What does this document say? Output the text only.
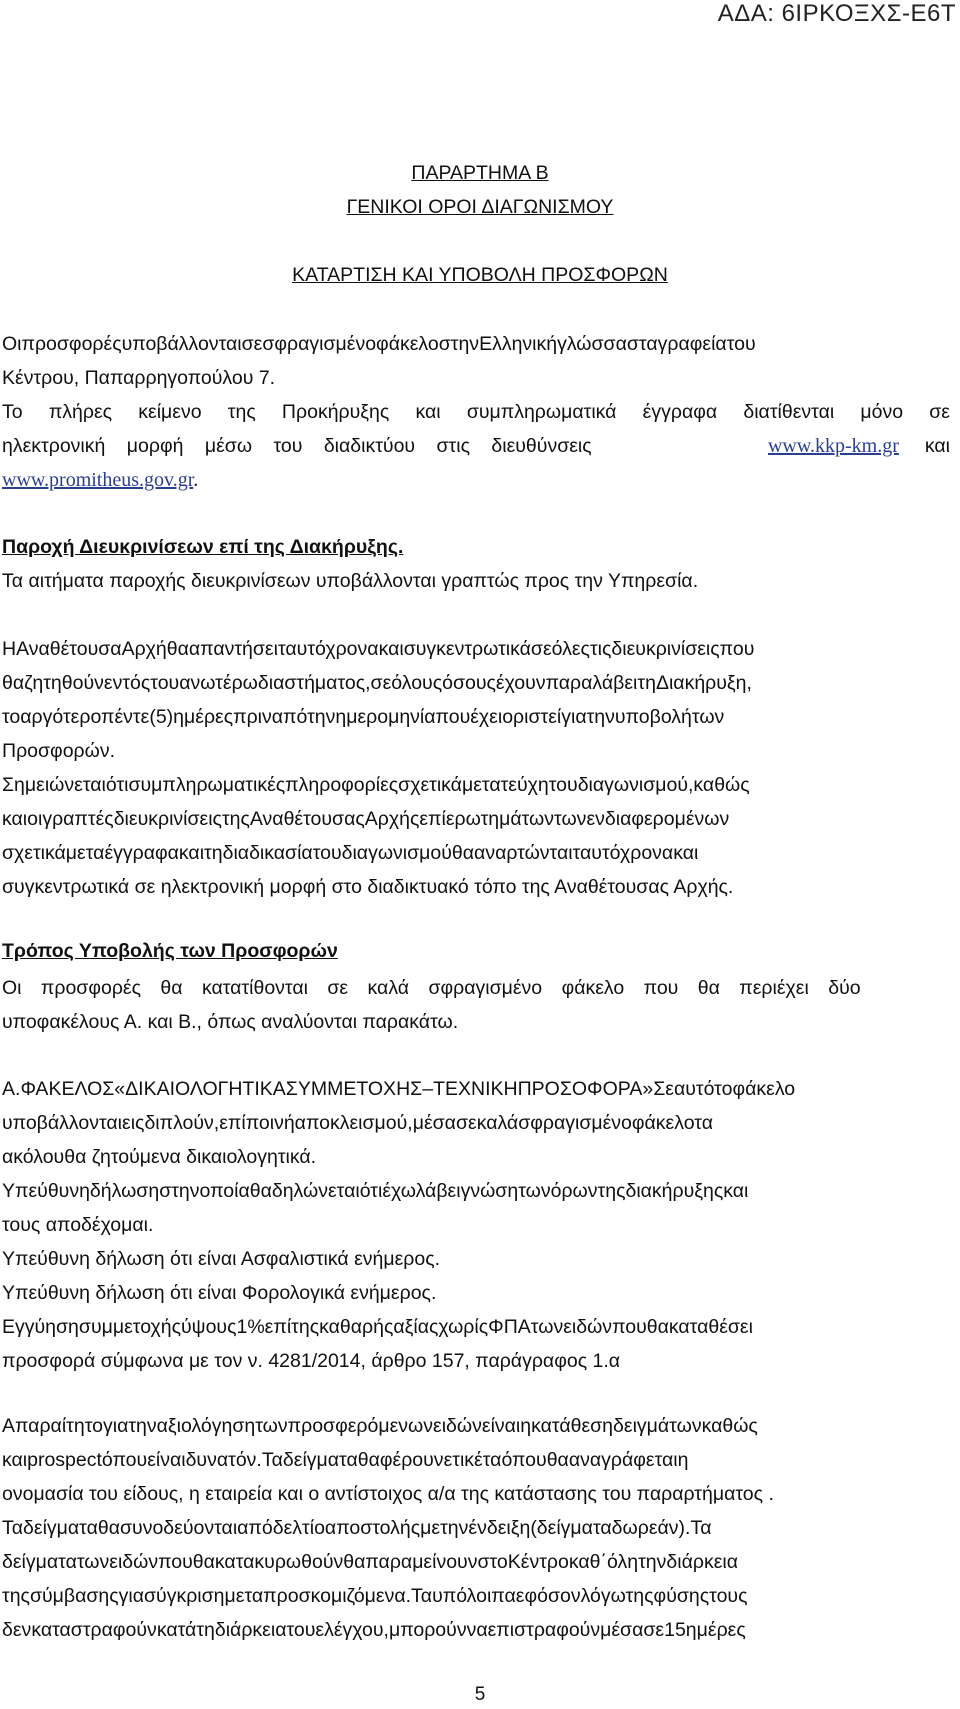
ΑΔΑ: 6ΙΡΚΟΞΧΣ-Ε6Τ
ΠΑΡΑΡΤΗΜΑ Β
ΓΕΝΙΚΟΙ ΟΡΟΙ ΔΙΑΓΩΝΙΣΜΟΥ
ΚΑΤΑΡΤΙΣΗ ΚΑΙ ΥΠΟΒΟΛΗ ΠΡΟΣΦΟΡΩΝ
ΟιπροσφορέςυποβάλλονταισεσφραγισμένοφάκελοστηνΕλληνικήγλώσσασταγραφείατου
Κέντρου, Παπαρρηγοπούλου 7.
Το πλήρες κείμενο της Προκήρυξης και συμπληρωματικά έγγραφα διατίθενται μόνο σε
ηλεκτρονική μορφή μέσω του διαδικτύου στις διευθύνσεις	www.kkp-km.gr και
www.promitheus.gov.gr.
Παροχή Διευκρινίσεων επί της Διακήρυξης.
Τα αιτήματα παροχής διευκρινίσεων υποβάλλονται γραπτώς προς την Υπηρεσία.
ΗΑναθέτουσαΑρχήθααπαντήσειταυτόχρονακαισυγκεντρωτικάσεόλεςτιςδιευκρινίσειςπου
θαζητηθούνεντόςτουανωτέρωδιαστήματος,σεόλουςόσουςέχουνπαραλάβειτηΔιακήρυξη,
τοαργότεροπέντε(5)ημέρεςπριναπότηνημερομηνίαπουέχειοριστείγιατηνυποβολήτων
Προσφορών.
Σημειώνεταιότισυμπληρωματικέςπληροφορίεςσχετικάμετατεύχητουδιαγωνισμού,καθώς
καιοιγραπτέςδιευκρινίσειςτηςΑναθέτουσαςΑρχήςεπίερωτημάτωντωνενδιαφερομένων
σχετικάμεταέγγραφακαιτηδιαδικασίατουδιαγωνισμούθααναρτώνταιταυτόχρονακαι
συγκεντρωτικά σε ηλεκτρονική μορφή στο διαδικτυακό τόπο της Αναθέτουσας Αρχής.
Τρόπος Υποβολής των Προσφορών
Οι προσφορές θα κατατίθονται σε καλά σφραγισμένο φάκελο που θα περιέχει δύο
υποφακέλους Α. και Β., όπως αναλύονται παρακάτω.
Α.ΦΑΚΕΛΟΣ«ΔΙΚΑΙΟΛΟΓΗΤΙΚΑΣΥΜΜΕΤΟΧΗΣ–ΤΕΧΝΙΚΗΠΡΟΣΟΦΟΡΑ»Σεαυτότοφάκελο
υποβάλλονταιειςδιπλούν,επίποινήαποκλεισμού,μέσασεκαλάσφραγισμένοφάκελοτα
ακόλουθα ζητούμενα δικαιολογητικά.
Υπεύθυνηδήλωσηστηνοποίαθαδηλώνεταιότιέχωλάβειγνώσητωνόρωντηςδιακήρυξηςκαι
τους αποδέχομαι.
Υπεύθυνη δήλωση ότι είναι Ασφαλιστικά ενήμερος.
Υπεύθυνη δήλωση ότι είναι Φορολογικά ενήμερος.
Εγγύησησυμμετοχήςύψους1%επίτηςκαθαρήςαξίαςχωρίςΦΠΑτωνειδώνπουθακαταθέσει
προσφορά σύμφωνα με τον ν. 4281/2014, άρθρο 157, παράγραφος 1.α
Απαραίτητογιατηναξιολόγησητωνπροσφερόμενωνειδώνείναιηκατάθεσηδειγμάτωνκαθώς
καιprospectόπουείναιδυνατόν.Ταδείγματαθαφέρουνετικέταόπουθααναγράφεταιη
ονομασία του είδους, η εταιρεία και ο αντίστοιχος α/α της κατάστασης του παραρτήματος .
Ταδείγματαθασυνοδεύονταιαπόδελτίοαποστολήςμετηνένδειξη(δείγματαδωρεάν).Τα
δείγματατωνειδώνπουθακατακυρωθούνθαπαραμείνουνστοΚέντροκαθ΄όλητηνδιάρκεια
τηςσύμβασηςγιασύγκρισημεταπροσκομιζόμενα.Ταυπόλοιπαεφόσονλόγωτηςφύσηςτους
δενκαταστραφούνκατάτηδιάρκειατουελέγχου,μπορούνναεπιστραφούνμέσασε15ημέρες
5
